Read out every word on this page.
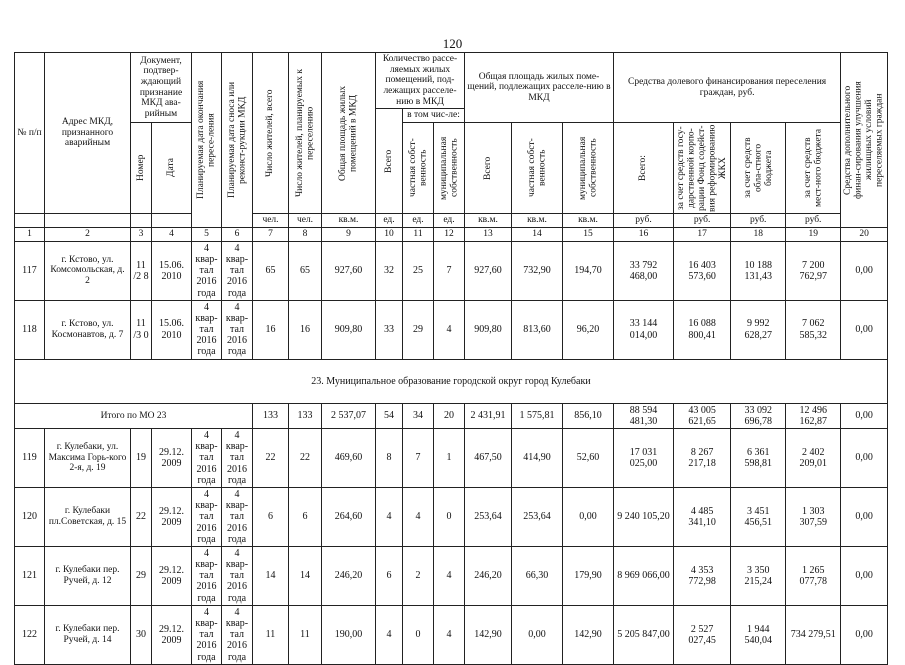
120
№ п/п	Адрес МКД, признанного аварийным	Документ, подтвер-ждающий признание МКД ава-рийным		Планируемая дата окончания пересе-ления	Планируемая дата сноса или реконст-рукции МКД	Число жителей, всего	Число жителей, планируемых к переселению	Общая площадь жилых помещений в МКД	Количество рассе-ляемых жилых помещений, под-лежащих расселе-нию в МКД			Общая площадь жилых поме-щений, подлежащих расселе-нию в МКД			Средства долевого финансирования переселения граждан, руб.				Средства дополнительного финан-сирования улучшения жилищных условий переселяемых граждан

									Всего	в том чис-ле:									

		Номер	Дата							частная собст-венность	муниципальная собственность	Всего	частная собст-венность	муниципальная собственность	Всего:	за счет средств госу-дарственной корпо-рации Фонд содейст-вия реформированию ЖКХ	за счет средств обла-стного бюджета	за счет средств мест-ного бюджета	

						чел.	чел.	кв.м.	ед.	ед.	ед.	кв.м.	кв.м.	кв.м.	руб.	руб.	руб.	руб.	
1	2	3	4	5	6	7	8	9	10	11	12	13	14	15	16	17	18	19	20
117	г. Кстово, ул. Комсомольская, д. 2	11 /2 8	15.06. 2010	4 квар-тал 2016 года	4 квар-тал 2016 года	65	65	927,60	32	25	7	927,60	732,90	194,70	33 792 468,00	16 403 573,60	10 188 131,43	7 200 762,97	0,00
118	г. Кстово, ул. Космонавтов, д. 7	11 /3 0	15.06. 2010	4 квар-тал 2016 года	4 квар-тал 2016 года	16	16	909,80	33	29	4	909,80	813,60	96,20	33 144 014,00	16 088 800,41	9 992 628,27	7 062 585,32	0,00
23. Муниципальное образование городской округ город Кулебаки																			
Итого по МО 23						133	133	2 537,07	54	34	20	2 431,91	1 575,81	856,10	88 594 481,30	43 005 621,65	33 092 696,78	12 496 162,87	0,00
119	г. Кулебаки, ул. Максима Горь-кого 2-я, д. 19	19	29.12. 2009	4 квар-тал 2016 года	4 квар-тал 2016 года	22	22	469,60	8	7	1	467,50	414,90	52,60	17 031 025,00	8 267 217,18	6 361 598,81	2 402 209,01	0,00
120	г. Кулебаки пл.Советская, д. 15	22	29.12. 2009	4 квар-тал 2016 года	4 квар-тал 2016 года	6	6	264,60	4	4	0	253,64	253,64	0,00	9 240 105,20	4 485 341,10	3 451 456,51	1 303 307,59	0,00
121	г. Кулебаки пер. Ручей, д. 12	29	29.12. 2009	4 квар-тал 2016 года	4 квар-тал 2016 года	14	14	246,20	6	2	4	246,20	66,30	179,90	8 969 066,00	4 353 772,98	3 350 215,24	1 265 077,78	0,00
122	г. Кулебаки пер. Ручей, д. 14	30	29.12. 2009	4 квар-тал 2016 года	4 квар-тал 2016 года	11	11	190,00	4	0	4	142,90	0,00	142,90	5 205 847,00	2 527 027,45	1 944 540,04	734 279,51	0,00
